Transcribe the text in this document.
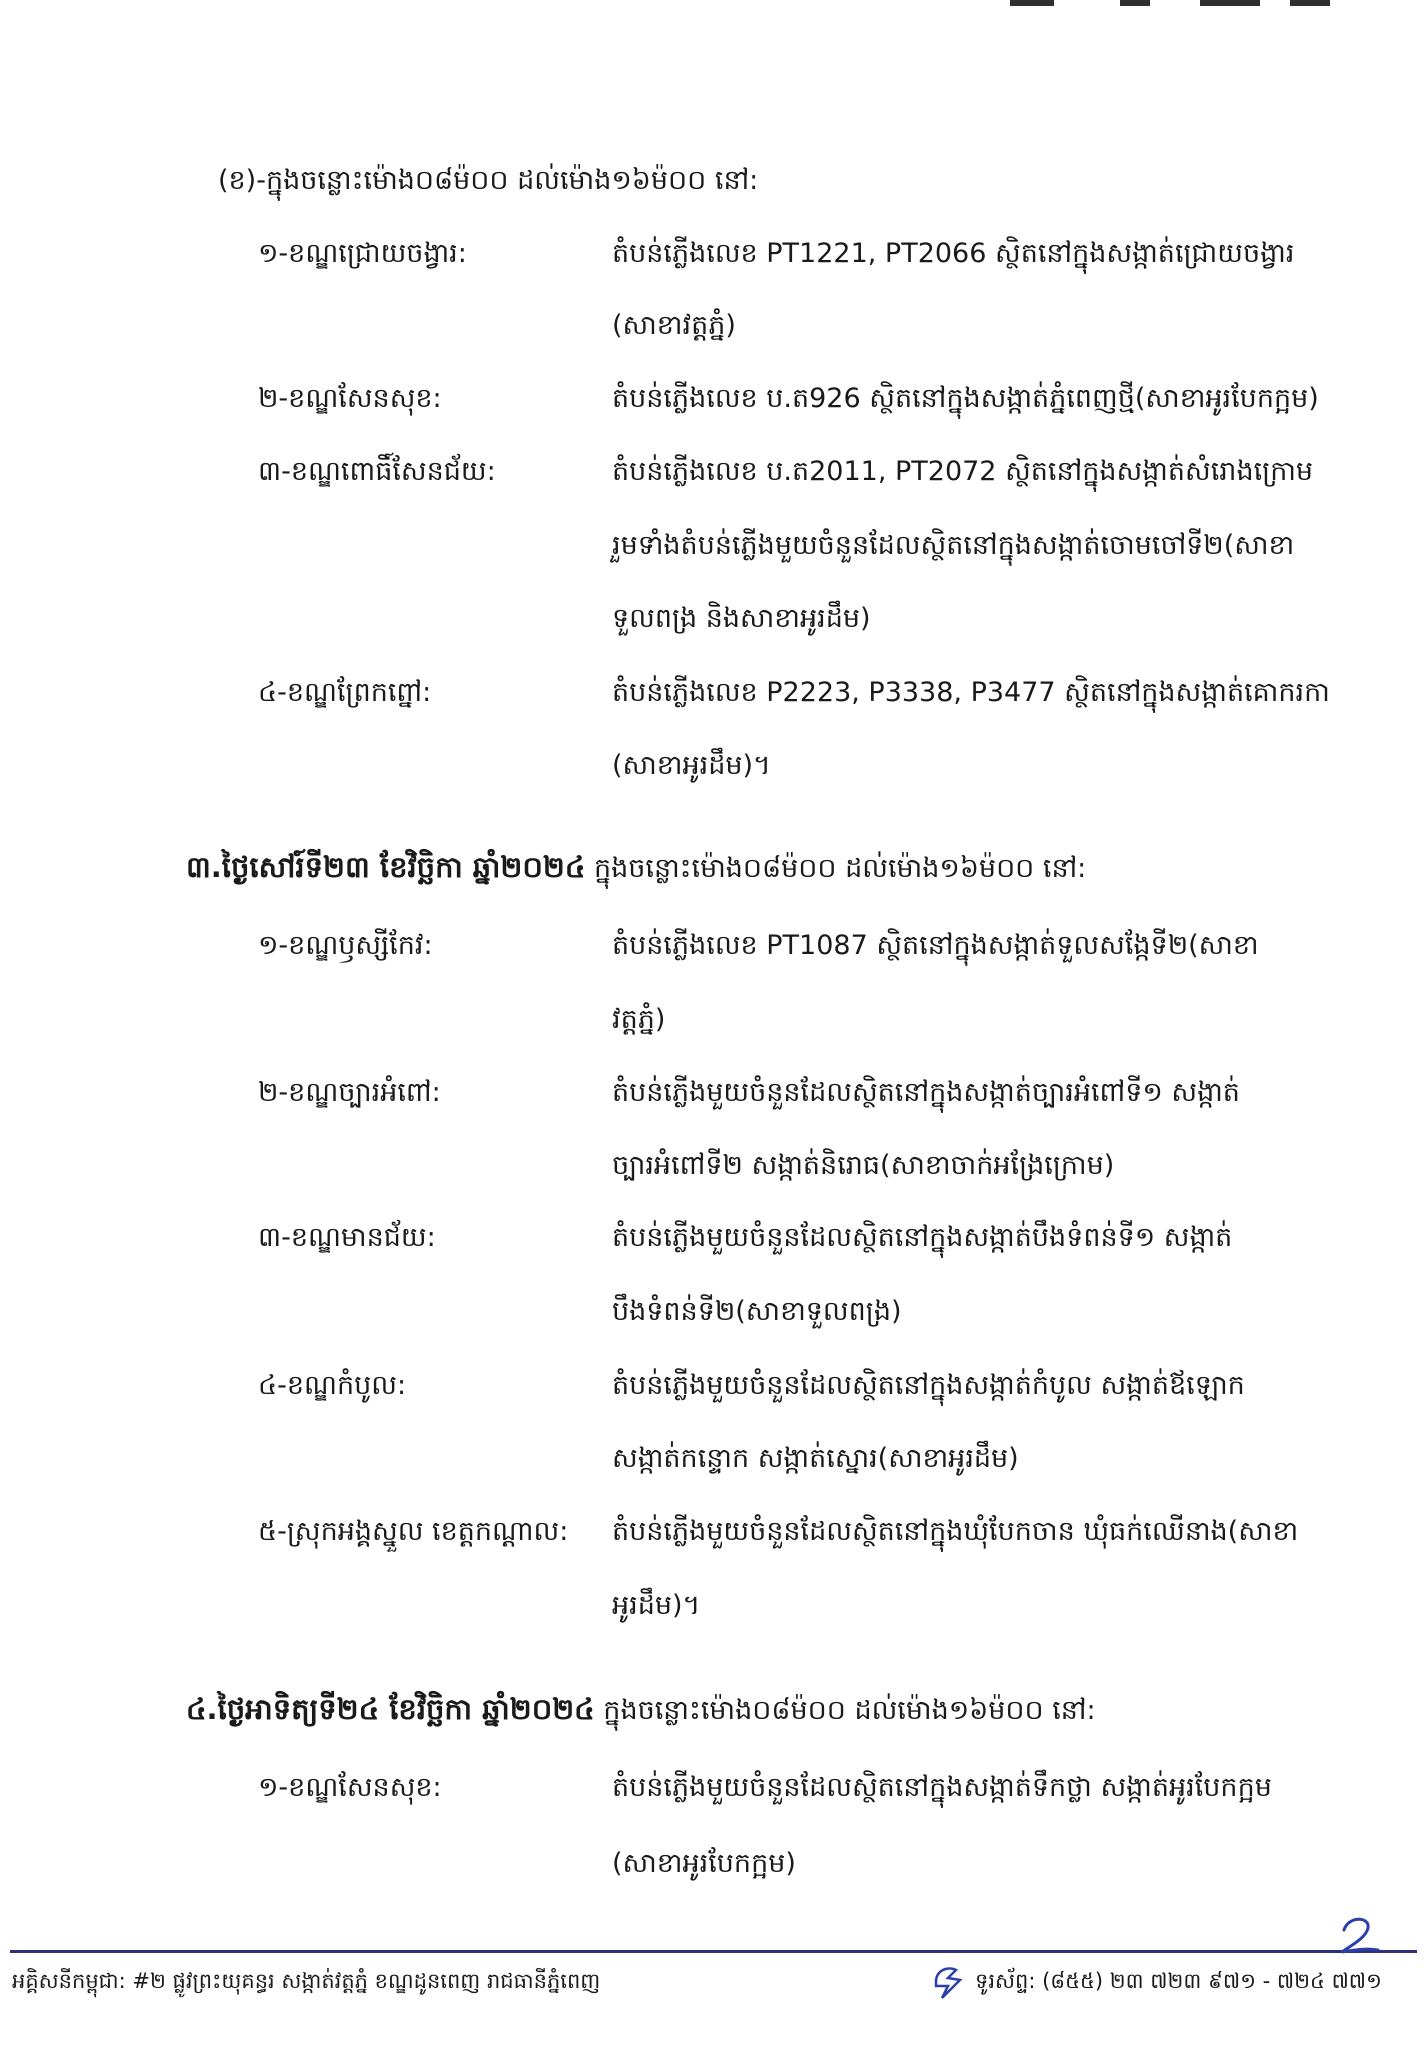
(ខ)-ក្នុងចន្លោះម៉ោង០៨ម៉០០ ដល់ម៉ោង១៦ម៉០០ នៅ:
១-ខណ្ឌជ្រោយចង្វារ:	តំបន់ភ្លើងលេខ PT1221, PT2066 ស្ថិតនៅក្នុងសង្កាត់ជ្រោយចង្វារ
(សាខាវត្តភ្នំ)
២-ខណ្ឌសែនសុខ:	តំបន់ភ្លើងលេខ ប.ត926 ស្ថិតនៅក្នុងសង្កាត់ភ្នំពេញថ្មី(សាខាអូរបែកក្អម)
៣-ខណ្ឌពោធិ៍សែនជ័យ:	តំបន់ភ្លើងលេខ ប.ត2011, PT2072 ស្ថិតនៅក្នុងសង្កាត់សំរោងក្រោម
រួមទាំងតំបន់ភ្លើងមួយចំនួនដែលស្ថិតនៅក្នុងសង្កាត់ចោមចៅទី២(សាខា
ទួលពង្រ និងសាខាអូរដឹម)
៤-ខណ្ឌព្រែកព្នៅ:	តំបន់ភ្លើងលេខ P2223, P3338, P3477 ស្ថិតនៅក្នុងសង្កាត់គោករកា
(សាខាអូរដឹម)។
៣.ថ្ងៃសៅរ៍ទី២៣ ខែវិច្ឆិកា ឆ្នាំ២០២៤ ក្នុងចន្លោះម៉ោង០៨ម៉០០ ដល់ម៉ោង១៦ម៉០០ នៅ:
១-ខណ្ឌឫស្សីកែវ:	តំបន់ភ្លើងលេខ PT1087 ស្ថិតនៅក្នុងសង្កាត់ទួលសង្កែទី២(សាខា
វត្តភ្នំ)
២-ខណ្ឌច្បារអំពៅ:	តំបន់ភ្លើងមួយចំនួនដែលស្ថិតនៅក្នុងសង្កាត់ច្បារអំពៅទី១ សង្កាត់
ច្បារអំពៅទី២ សង្កាត់និរោធ(សាខាចាក់អង្រែក្រោម)
៣-ខណ្ឌមានជ័យ:	តំបន់ភ្លើងមួយចំនួនដែលស្ថិតនៅក្នុងសង្កាត់បឹងទំពន់ទី១ សង្កាត់
បឹងទំពន់ទី២(សាខាទួលពង្រ)
៤-ខណ្ឌកំបូល:	តំបន់ភ្លើងមួយចំនួនដែលស្ថិតនៅក្នុងសង្កាត់កំបូល សង្កាត់ឪឡោក
សង្កាត់កន្ទោក សង្កាត់ស្នោរ(សាខាអូរដឹម)
៥-ស្រុកអង្គស្នួល ខេត្តកណ្តាល: តំបន់ភ្លើងមួយចំនួនដែលស្ថិតនៅក្នុងឃុំបែកចាន ឃុំធក់ឈើនាង(សាខា
អូរដឹម)។
៤.ថ្ងៃអាទិត្យទី២៤ ខែវិច្ឆិកា ឆ្នាំ២០២៤ ក្នុងចន្លោះម៉ោង០៨ម៉០០ ដល់ម៉ោង១៦ម៉០០ នៅ:
១-ខណ្ឌសែនសុខ:	តំបន់ភ្លើងមួយចំនួនដែលស្ថិតនៅក្នុងសង្កាត់ទឹកថ្លា សង្កាត់អូរបែកក្អម
(សាខាអូរបែកក្អម)
អគ្គិសនីកម្ពុជា: #២ ផ្លូវព្រះយុគន្ធរ សង្កាត់វត្តភ្នំ ខណ្ឌដូនពេញ រាជធានីភ្នំពេញ	ទូរស័ព្ទ: (៨៥៥) ២៣ ៧២៣ ៩៧១ - ៧២៤ ៧៧១
